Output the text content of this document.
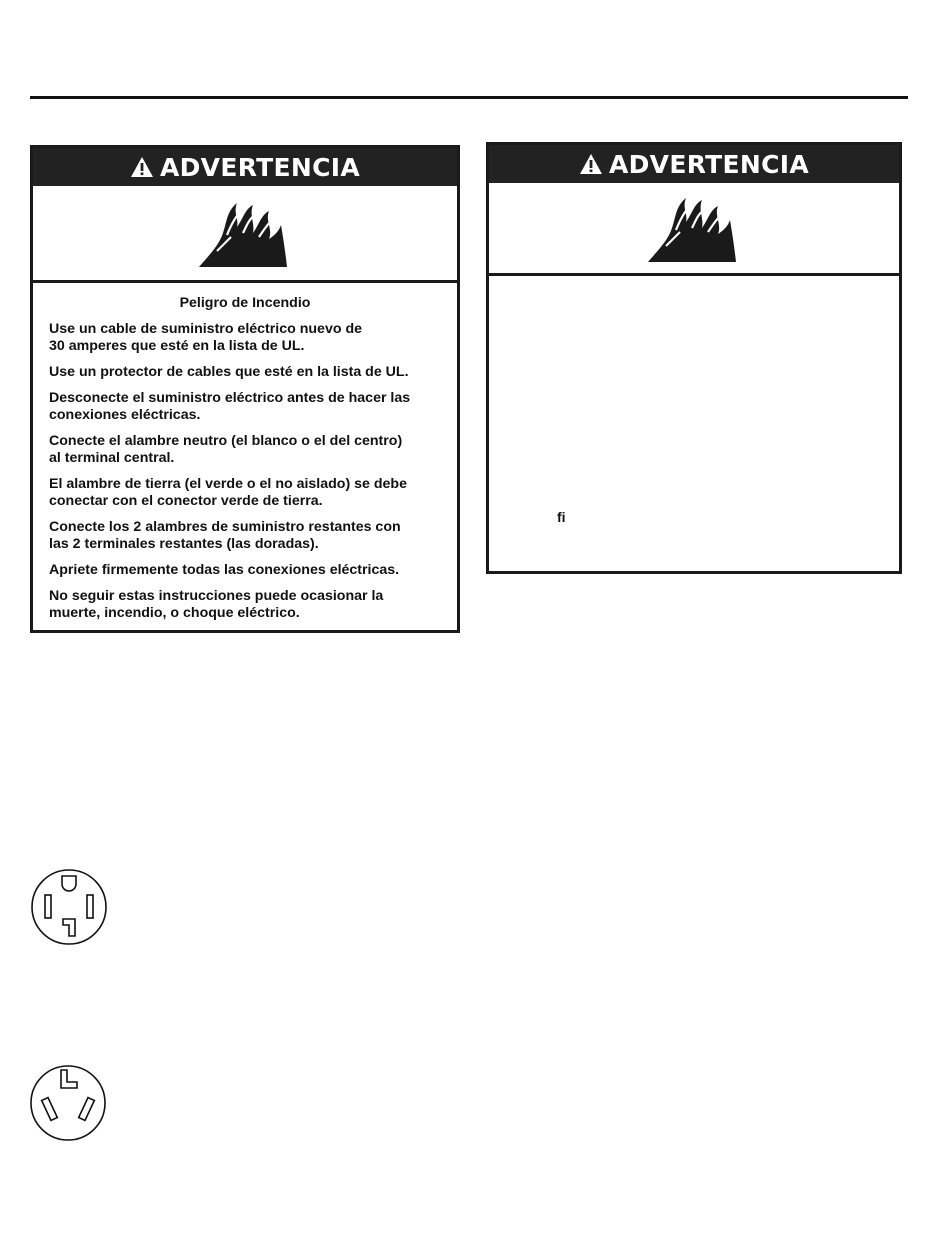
ADVERTENCIA
Peligro de Incendio
Use un cable de suministro eléctrico nuevo de
30 amperes que esté en la lista de UL.
Use un protector de cables que esté en la lista de UL.
Desconecte el suministro eléctrico antes de hacer las
conexiones eléctricas.
Conecte el alambre neutro (el blanco o el del centro)
al terminal central.
El alambre de tierra (el verde o el no aislado) se debe
conectar con el conector verde de tierra.
Conecte los 2 alambres de suministro restantes con
las 2 terminales restantes (las doradas).
Apriete firmemente todas las conexiones eléctricas.
No seguir estas instrucciones puede ocasionar la
muerte, incendio, o choque eléctrico.
ADVERTENCIA
fi
